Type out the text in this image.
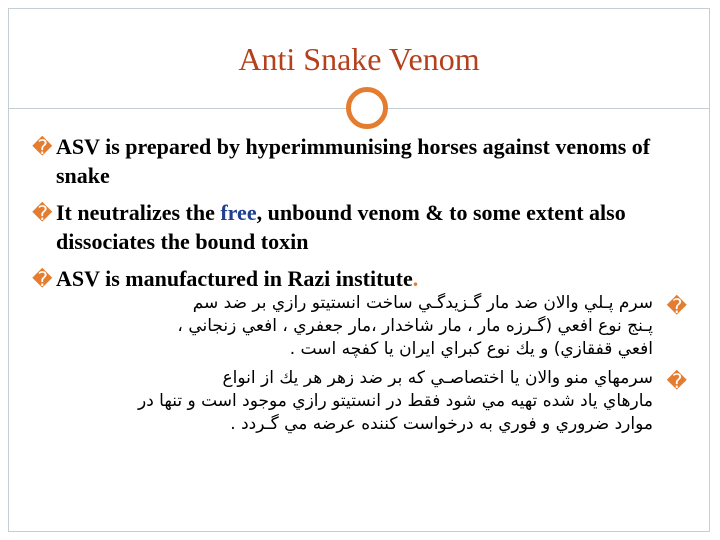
Anti Snake Venom
� ASV is prepared by hyperimmunising horses against venoms of snake
� It neutralizes the free, unbound venom & to some extent also dissociates the bound toxin
� ASV is manufactured in Razi institute.
�
سرم پـلي والان ضد مار گـزيدگـي ساخت انستيتو رازي بر ضد سم
پـنج نوع افعي (گـرزه مار ، مار شاخدار ،مار جعفري ، افعي زنجاني ،
افعي قفقازي) و يك نوع كبراي ايران يا كفچه است .
�
سرمهاي منو والان يا اختصاصـي كه بر ضد زهر هر يك از انواع
مارهاي ياد شده تهيه مي شود فقط در انستيتو رازي موجود است و تنها در
موارد ضروري و فوري به درخواست كننده عرضه مي گـردد .
